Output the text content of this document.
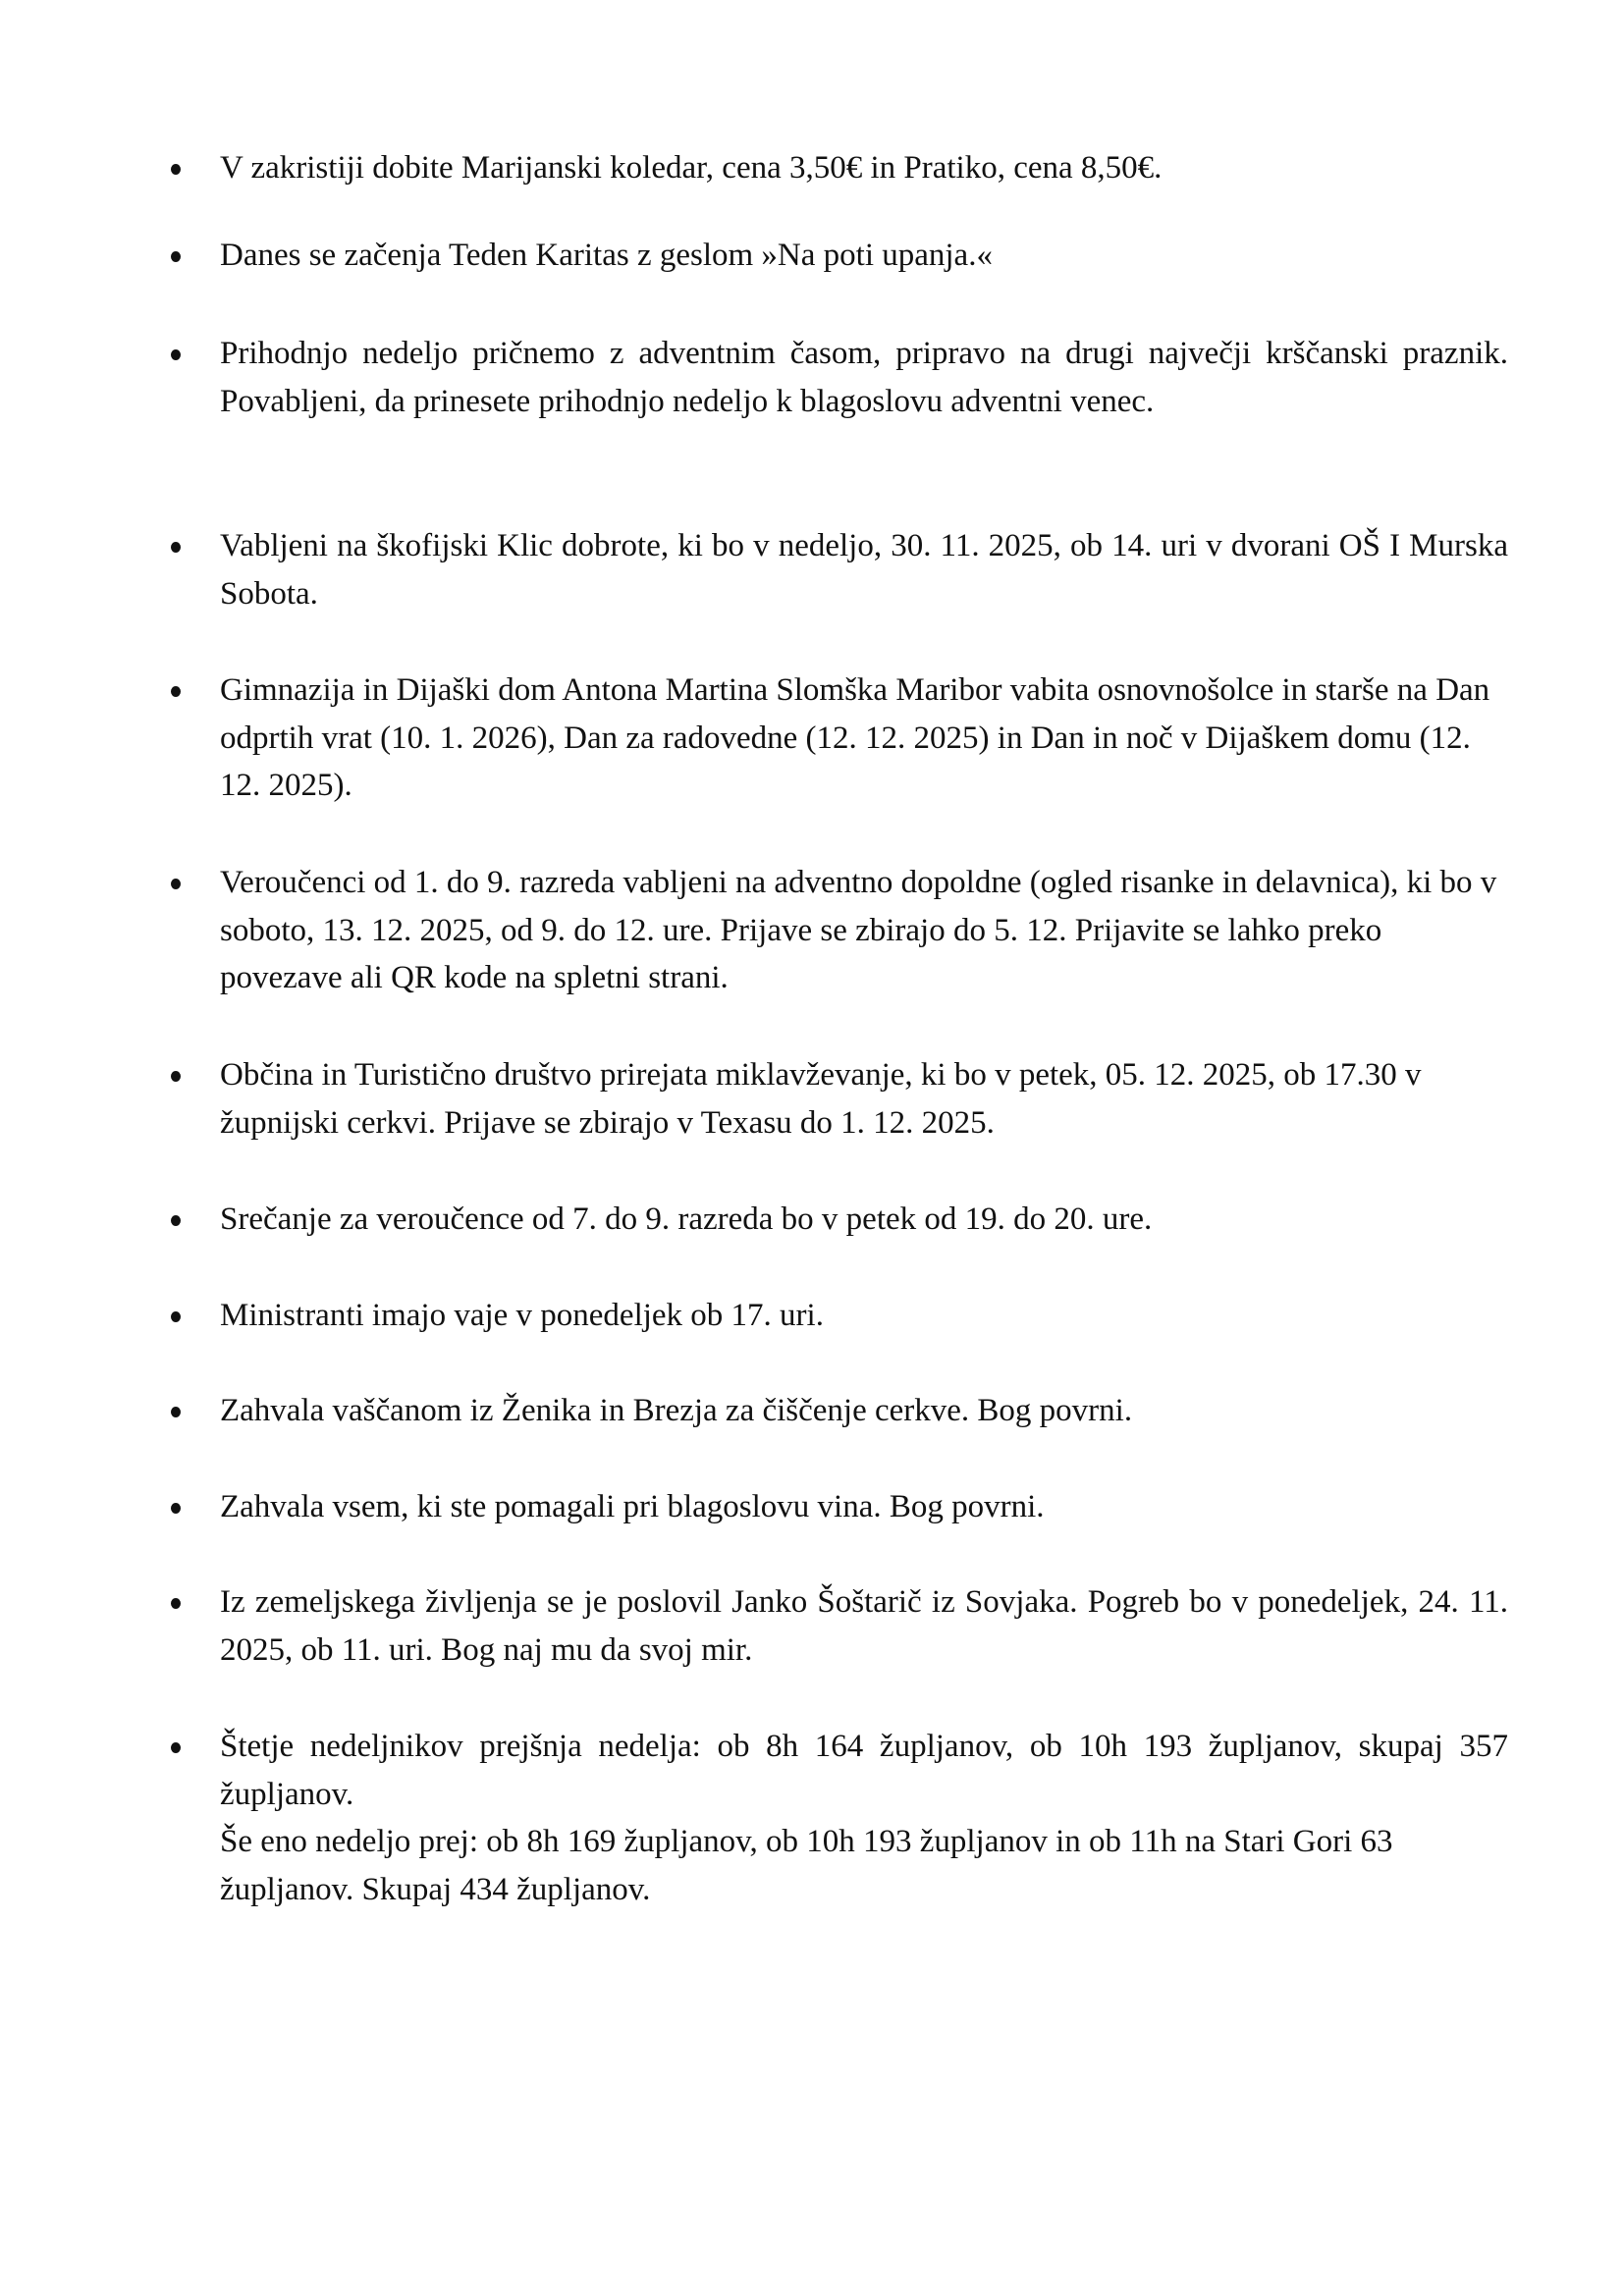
V zakristiji dobite Marijanski koledar, cena 3,50€ in Pratiko, cena 8,50€.
Danes se začenja Teden Karitas z geslom »Na poti upanja.«
Prihodnjo nedeljo pričnemo z adventnim časom, pripravo na drugi največji krščanski praznik. Povabljeni, da prinesete prihodnjo nedeljo k blagoslovu adventni venec.
Vabljeni na škofijski Klic dobrote, ki bo v nedeljo, 30. 11. 2025, ob 14. uri v dvorani OŠ I Murska Sobota.
Gimnazija in Dijaški dom Antona Martina Slomška Maribor vabita osnovnošolce in starše na Dan odprtih vrat (10. 1. 2026), Dan za radovedne (12. 12. 2025) in Dan in noč v Dijaškem domu (12. 12. 2025).
Veroučenci od 1. do 9. razreda vabljeni na adventno dopoldne (ogled risanke in delavnica), ki bo v soboto, 13. 12. 2025, od 9. do 12. ure. Prijave se zbirajo do 5. 12. Prijavite se lahko preko povezave ali QR kode na spletni strani.
Občina in Turistično društvo prirejata miklavževanje, ki bo v petek, 05. 12. 2025, ob 17.30 v župnijski cerkvi. Prijave se zbirajo v Texasu do 1. 12. 2025.
Srečanje za veroučence od 7. do 9. razreda bo v petek od 19. do 20. ure.
Ministranti imajo vaje v ponedeljek ob 17. uri.
Zahvala vaščanom iz Ženika in Brezja za čiščenje cerkve. Bog povrni.
Zahvala vsem, ki ste pomagali pri blagoslovu vina. Bog povrni.
Iz zemeljskega življenja se je poslovil Janko Šoštarič iz Sovjaka. Pogreb bo v ponedeljek, 24. 11. 2025, ob 11. uri. Bog naj mu da svoj mir.
Štetje nedeljnikov prejšnja nedelja: ob 8h 164 župljanov, ob 10h 193 župljanov, skupaj 357 župljanov.
Še eno nedeljo prej: ob 8h 169 župljanov, ob 10h 193 župljanov in ob 11h na Stari Gori 63 župljanov. Skupaj 434 župljanov.
